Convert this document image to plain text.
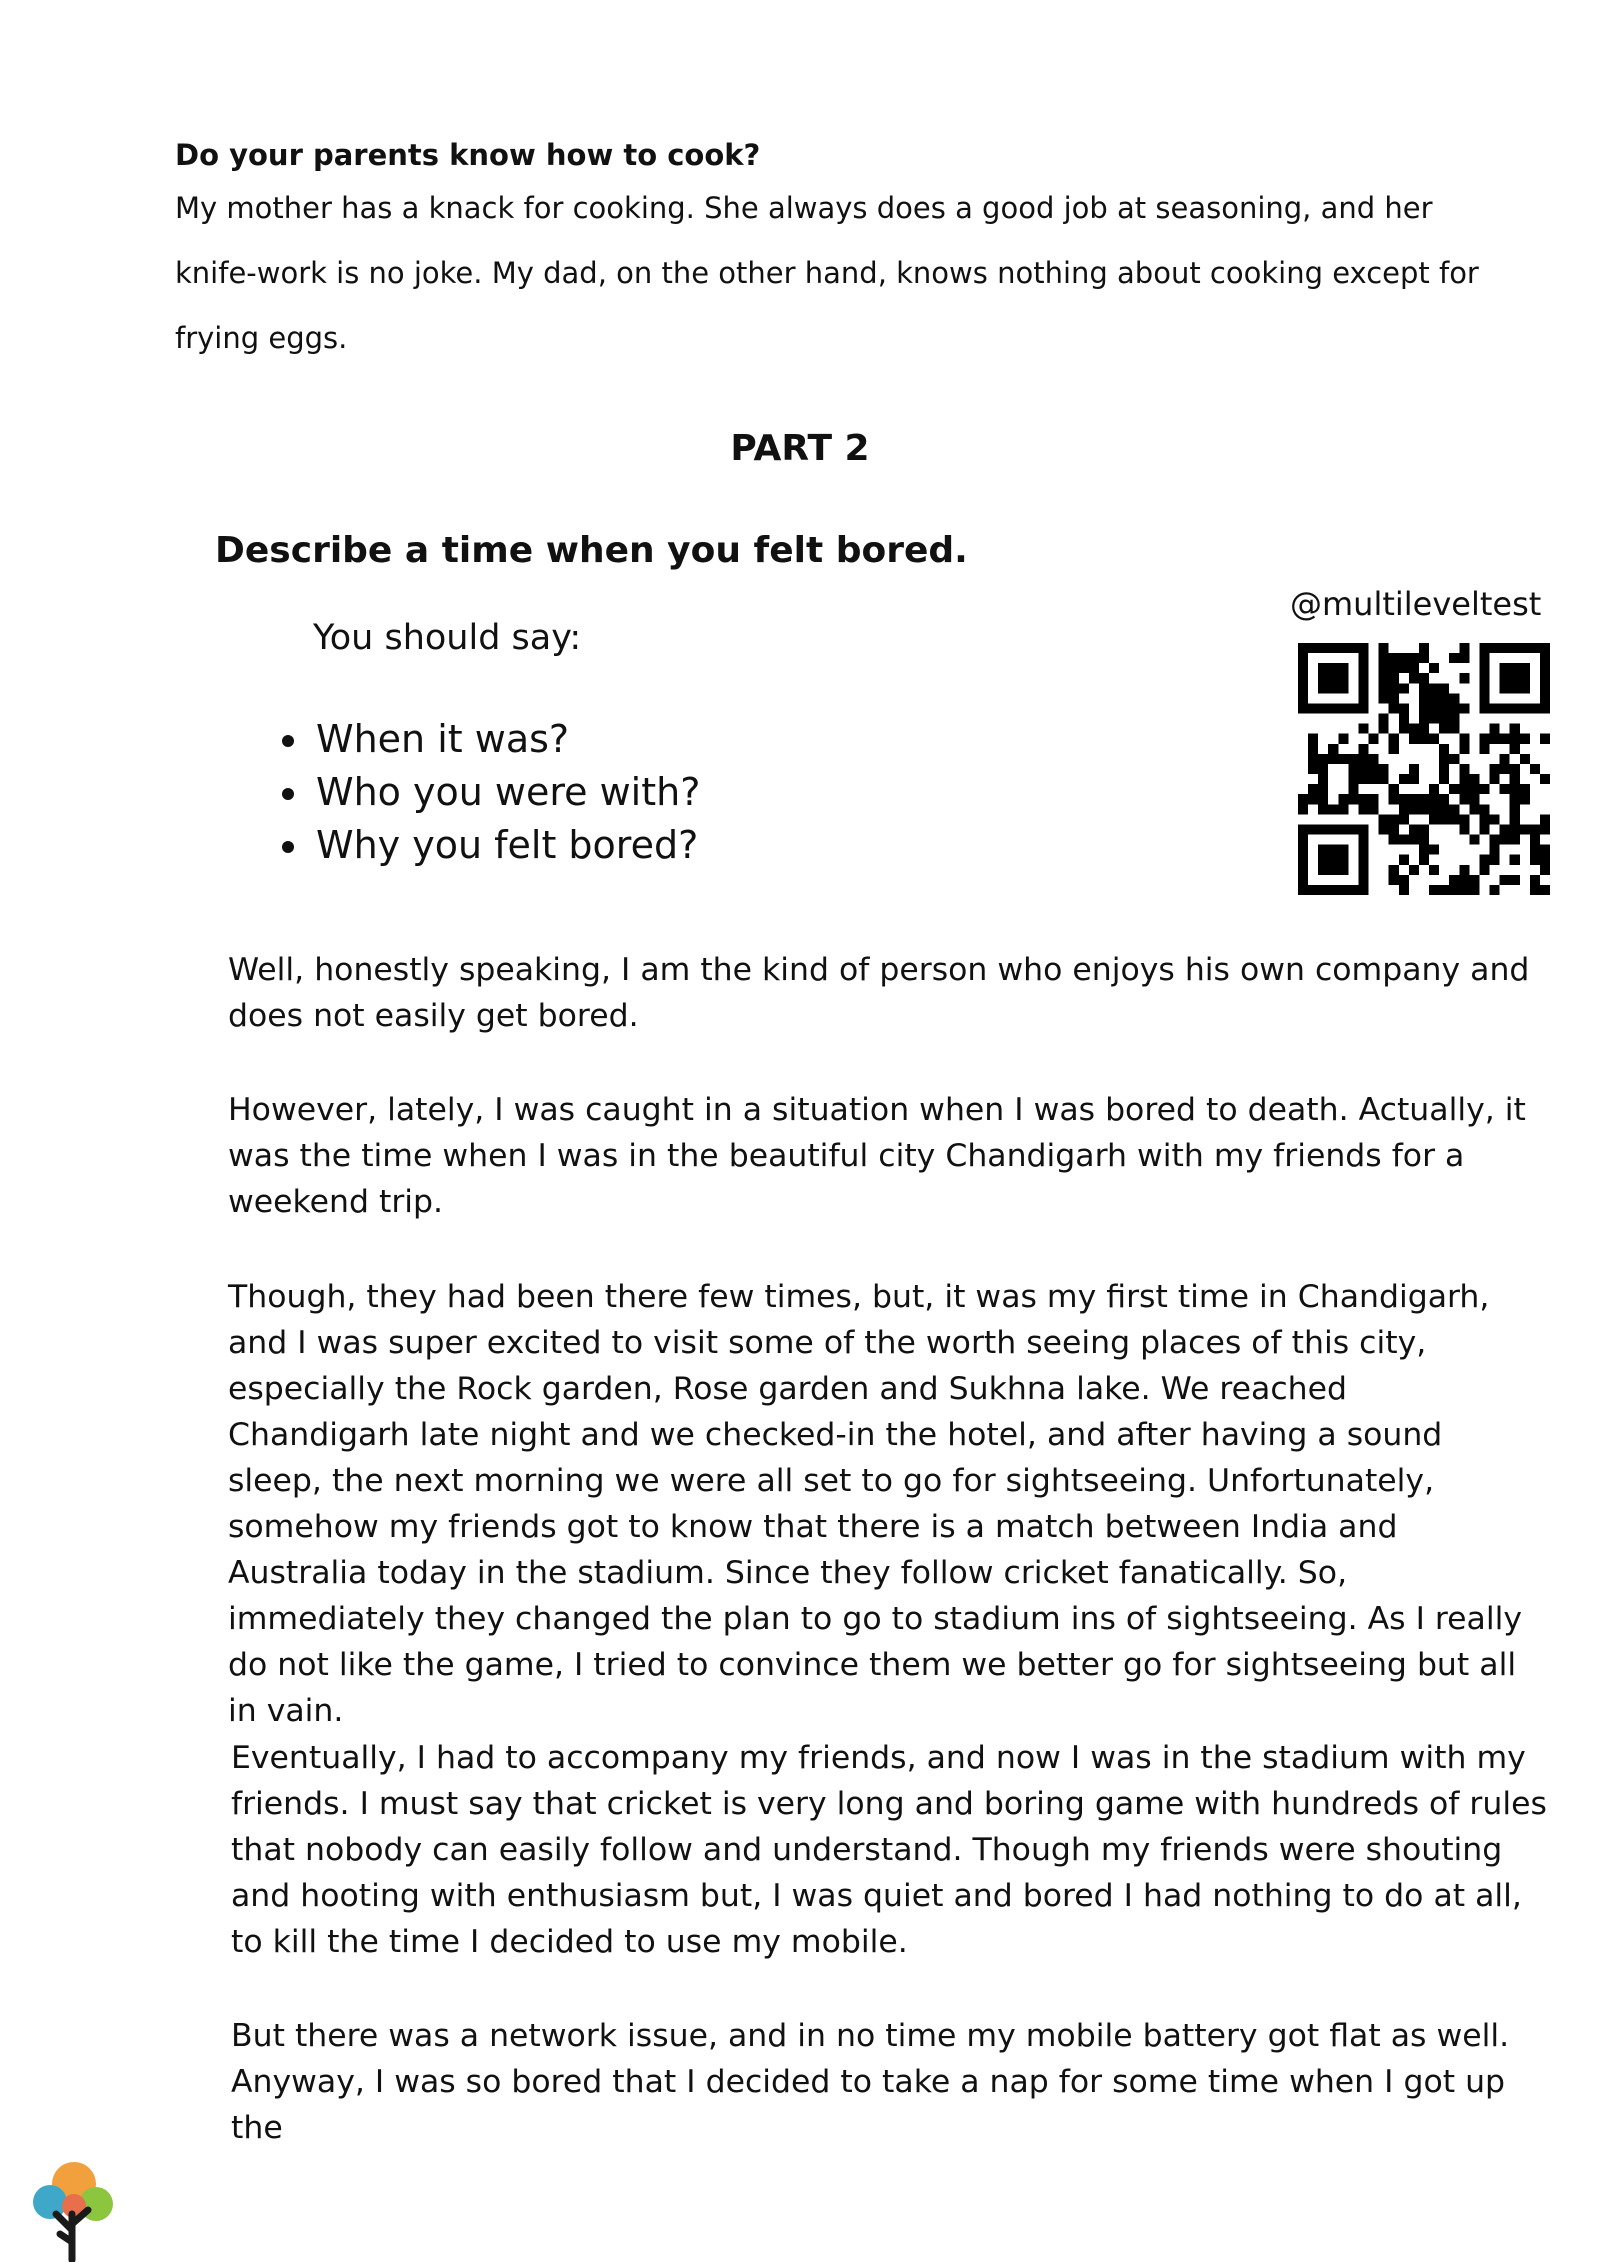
Do your parents know how to cook?
My mother has a knack for cooking. She always does a good job at seasoning, and her knife-work is no joke. My dad, on the other hand, knows nothing about cooking except for frying eggs.
PART 2
Describe a time when you felt bored.
@multileveltest
You should say:
• When it was?
• Who you were with?
• Why you felt bored?

Well, honestly speaking, I am the kind of person who enjoys his own company and does not easily get bored.

However, lately, I was caught in a situation when I was bored to death. Actually, it was the time when I was in the beautiful city Chandigarh with my friends for a weekend trip.

Though, they had been there few times, but, it was my first time in Chandigarh, and I was super excited to visit some of the worth seeing places of this city, especially the Rock garden, Rose garden and Sukhna lake. We reached Chandigarh late night and we checked-in the hotel, and after having a sound sleep, the next morning we were all set to go for sightseeing. Unfortunately, somehow my friends got to know that there is a match between India and Australia today in the stadium. Since they follow cricket fanatically. So, immediately they changed the plan to go to stadium ins of sightseeing. As I really do not like the game, I tried to convince them we better go for sightseeing but all in vain.

Eventually, I had to accompany my friends, and now I was in the stadium with my friends. I must say that cricket is very long and boring game with hundreds of rules that nobody can easily follow and understand. Though my friends were shouting and hooting with enthusiasm but, I was quiet and bored I had nothing to do at all, to kill the time I decided to use my mobile.

But there was a network issue, and in no time my mobile battery got flat as well. Anyway, I was so bored that I decided to take a nap for some time when I got up the
